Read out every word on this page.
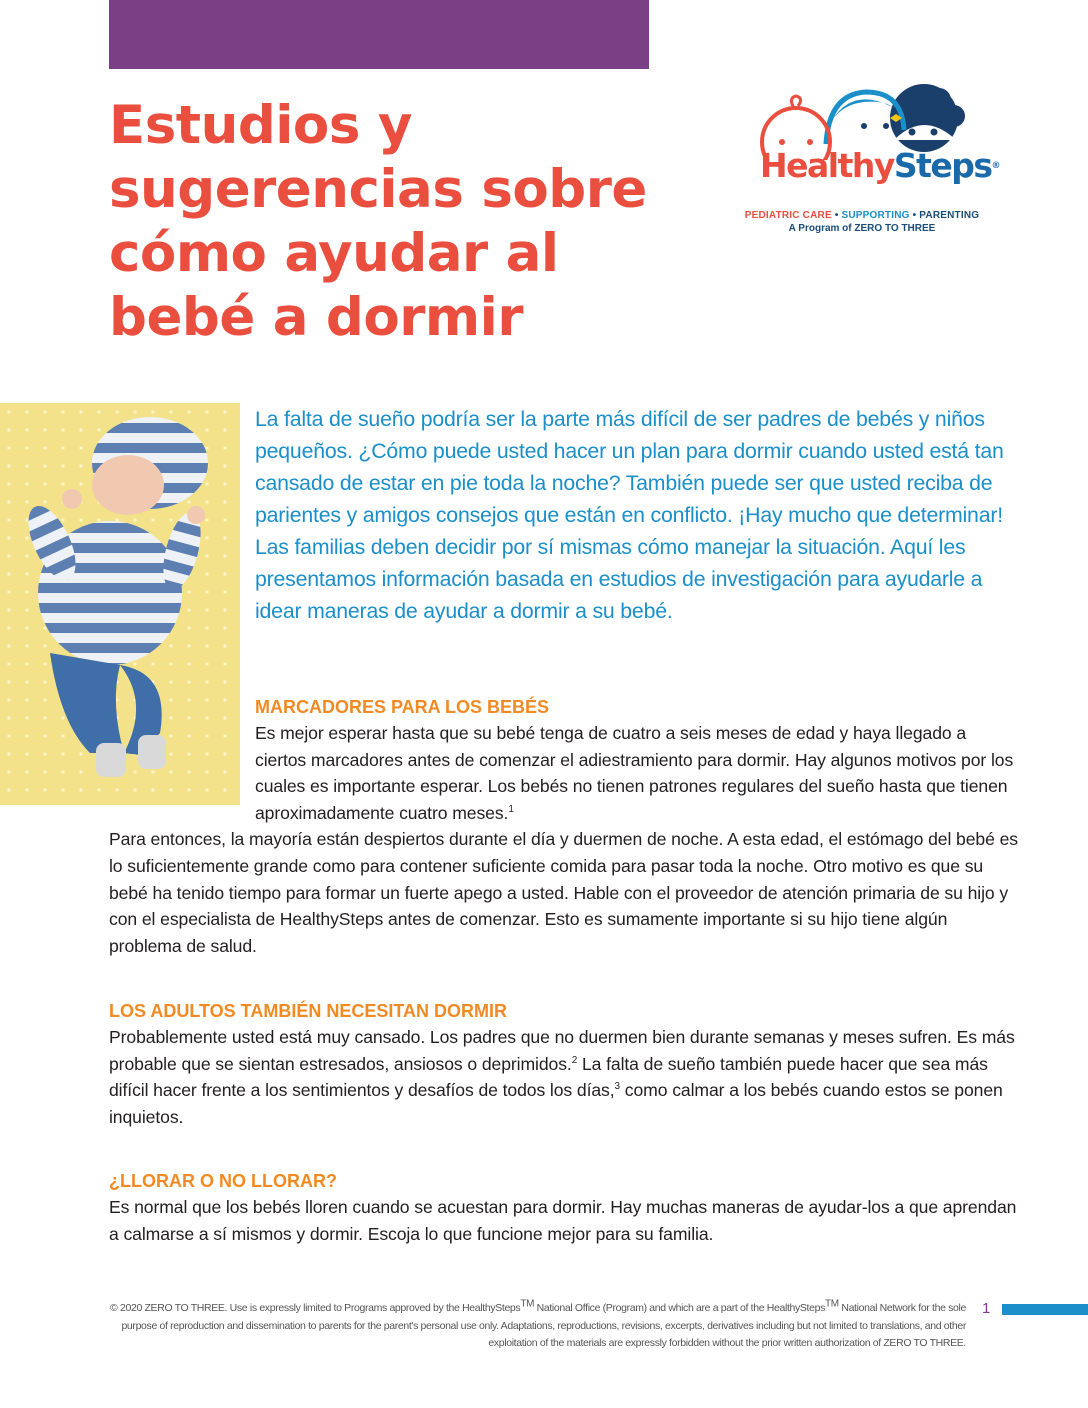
Estudios y sugerencias sobre cómo ayudar al bebé a dormir
HealthySteps®
PEDIATRIC CARE • SUPPORTING • PARENTING
A Program of ZERO TO THREE

La falta de sueño podría ser la parte más difícil de ser padres de bebés y niños pequeños. ¿Cómo puede usted hacer un plan para dormir cuando usted está tan cansado de estar en pie toda la noche? También puede ser que usted reciba de parientes y amigos consejos que están en conflicto. ¡Hay mucho que determinar! Las familias deben decidir por sí mismas cómo manejar la situación. Aquí les presentamos información basada en estudios de investigación para ayudarle a idear maneras de ayudar a dormir a su bebé.

MARCADORES PARA LOS BEBÉS

Es mejor esperar hasta que su bebé tenga de cuatro a seis meses de edad y haya llegado a ciertos marcadores antes de comenzar el adiestramiento para dormir. Hay algunos motivos por los cuales es importante esperar. Los bebés no tienen patrones regulares del sueño hasta que tienen aproximadamente cuatro meses.$^1$

Para entonces, la mayoría están despiertos durante el día y duermen de noche. A esta edad, el estómago del bebé es lo suficientemente grande como para contener suficiente comida para pasar toda la noche. Otro motivo es que su bebé ha tenido tiempo para formar un fuerte apego a usted. Hable con el proveedor de atención primaria de su hijo y con el especialista de HealthySteps antes de comenzar. Esto es sumamente importante si su hijo tiene algún problema de salud.

LOS ADULTOS TAMBIÉN NECESITAN DORMIR

Probablemente usted está muy cansado. Los padres que no duermen bien durante semanas y meses sufren. Es más probable que se sientan estresados, ansiosos o deprimidos.$^2$ La falta de sueño también puede hacer que sea más difícil hacer frente a los sentimientos y desafíos de todos los días,$^3$ como calmar a los bebés cuando estos se ponen inquietos.

¿LLORAR O NO LLORAR?

Es normal que los bebés lloren cuando se acuestan para dormir. Hay muchas maneras de ayudar-los a que aprendan a calmarse a sí mismos y dormir. Escoja lo que funcione mejor para su familia.

© 2020 ZERO TO THREE. Use is expressly limited to Programs approved by the HealthySteps™ National Office (Program) and which are a part of the HealthySteps™ National Network for the sole purpose of reproduction and dissemination to parents for the parent's personal use only. Adaptations, reproductions, revisions, excerpts, derivatives including but not limited to translations, and other exploitation of the materials are expressly forbidden without the prior written authorization of ZERO TO THREE.

1
